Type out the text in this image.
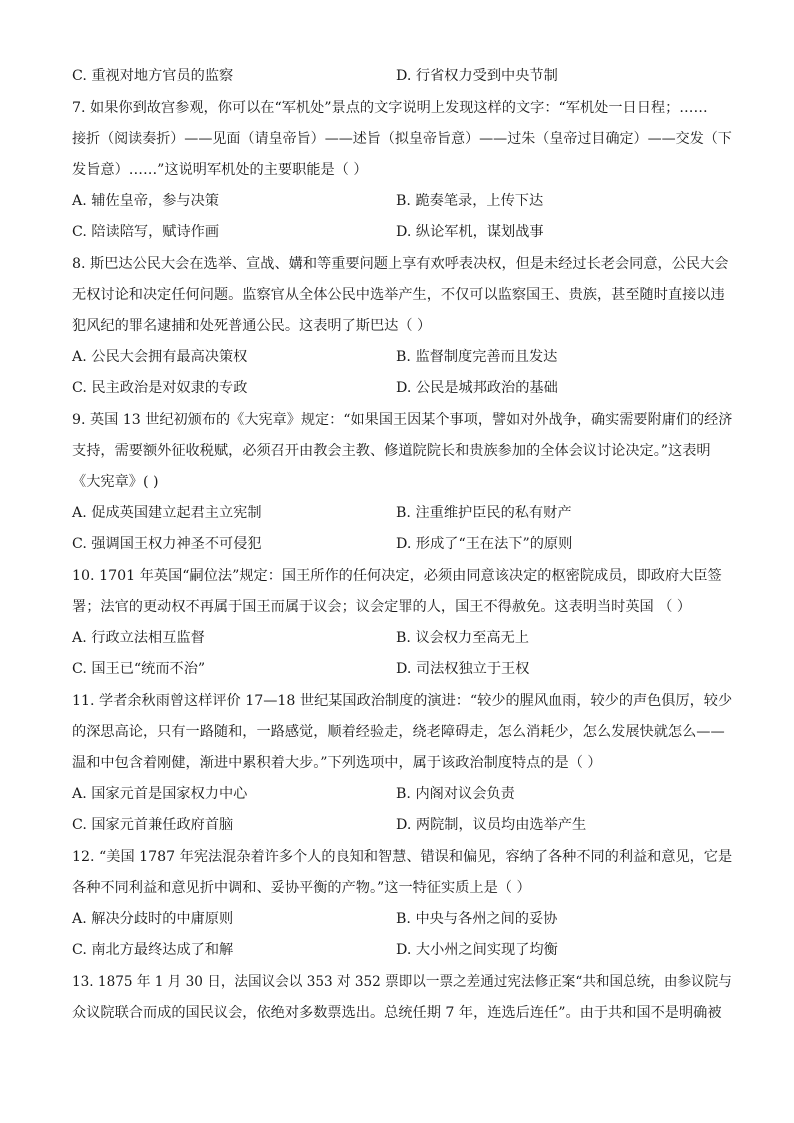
C. 重视对地方官员的监察	D. 行省权力受到中央节制
7. 如果你到故宫参观，你可以在“军机处”景点的文字说明上发现这样的文字：“军机处一日日程；……
接折（阅读奏折）——见面（请皇帝旨）——述旨（拟皇帝旨意）——过朱（皇帝过目确定）——交发（下
发旨意）……”这说明军机处的主要职能是（ ）
A. 辅佐皇帝，参与决策	B. 跪奏笔录，上传下达
C. 陪读陪写，赋诗作画	D. 纵论军机，谋划战事
8. 斯巴达公民大会在选举、宣战、媾和等重要问题上享有欢呼表决权，但是未经过长老会同意，公民大会
无权讨论和决定任何问题。监察官从全体公民中选举产生，不仅可以监察国王、贵族，甚至随时直接以违
犯风纪的罪名逮捕和处死普通公民。这表明了斯巴达（ ）
A. 公民大会拥有最高决策权	B. 监督制度完善而且发达
C. 民主政治是对奴隶的专政	D. 公民是城邦政治的基础
9. 英国 13 世纪初颁布的《大宪章》规定：“如果国王因某个事项，譬如对外战争，确实需要附庸们的经济
支持，需要额外征收税赋，必须召开由教会主教、修道院院长和贵族参加的全体会议讨论决定。”这表明
《大宪章》( )
A. 促成英国建立起君主立宪制	B. 注重维护臣民的私有财产
C. 强调国王权力神圣不可侵犯	D. 形成了“王在法下”的原则
10. 1701 年英国“嗣位法”规定：国王所作的任何决定，必须由同意该决定的枢密院成员，即政府大臣签
署；法官的更动权不再属于国王而属于议会；议会定罪的人，国王不得赦免。这表明当时英国 （ ）
A. 行政立法相互监督	B. 议会权力至高无上
C. 国王已“统而不治”	D. 司法权独立于王权
11. 学者余秋雨曾这样评价 17—18 世纪某国政治制度的演进：“较少的腥风血雨，较少的声色俱厉，较少
的深思高论，只有一路随和，一路感觉，顺着经验走，绕老障碍走，怎么消耗少，怎么发展快就怎么——
温和中包含着刚健，渐进中累积着大步。”下列选项中，属于该政治制度特点的是（ ）
A. 国家元首是国家权力中心	B. 内阁对议会负责
C. 国家元首兼任政府首脑	D. 两院制，议员均由选举产生
12. “美国 1787 年宪法混杂着许多个人的良知和智慧、错误和偏见，容纳了各种不同的利益和意见，它是
各种不同利益和意见折中调和、妥协平衡的产物。”这一特征实质上是（ ）
A. 解决分歧时的中庸原则	B. 中央与各州之间的妥协
C. 南北方最终达成了和解	D. 大小州之间实现了均衡
13. 1875 年 1 月 30 日，法国议会以 353 对 352 票即以一票之差通过宪法修正案“共和国总统，由参议院与
众议院联合而成的国民议会，依绝对多数票选出。总统任期 7 年，连选后连任”。由于共和国不是明确被
